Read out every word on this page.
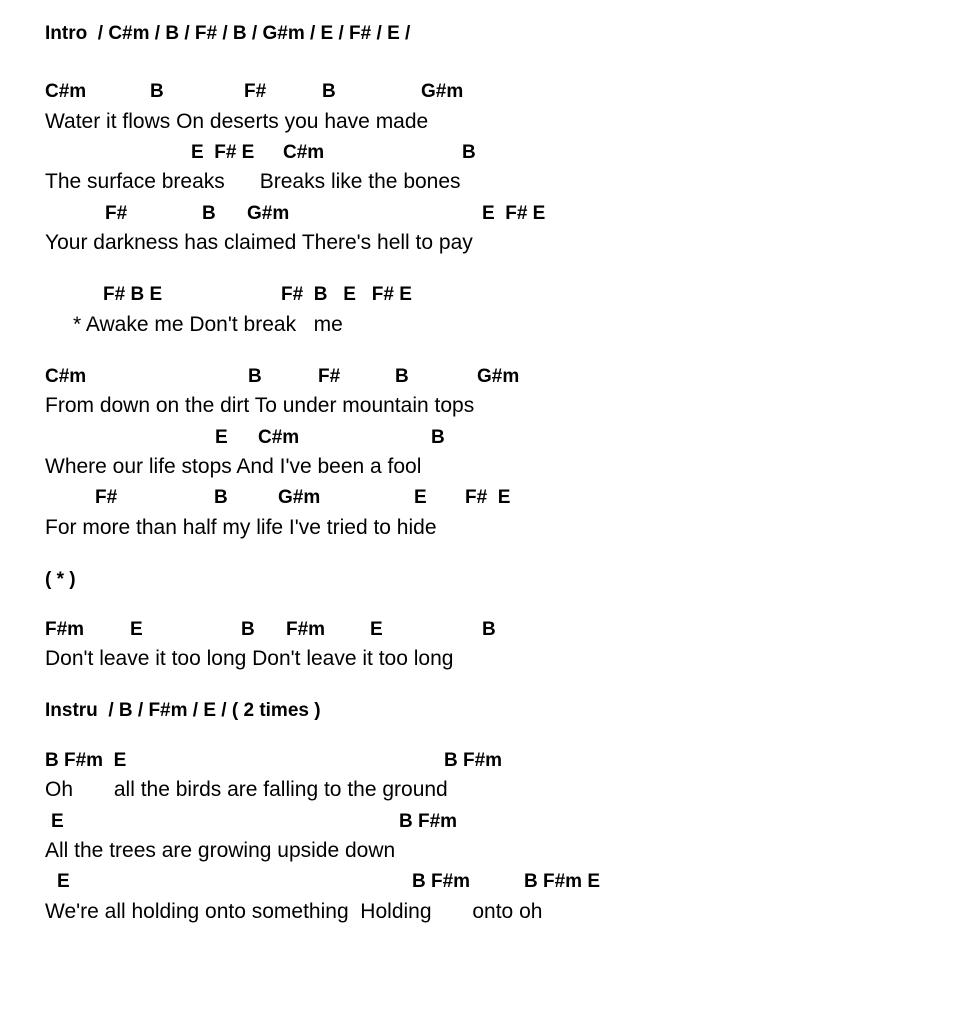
Intro  / C#m / B / F# / B / G#m / E / F# / E /
C#m	B	F#	B	G#m
Water it flows On deserts you have made
E  F# E C#m	B
The surface breaks      Breaks like the bones
F#	B G#m	E  F# E
Your darkness has claimed There's hell to pay
F# B E	F#  B   E   F# E
* Awake me Don't break   me
C#m	B	F#	B	G#m
From down on the dirt To under mountain tops
E C#m	B
Where our life stops And I've been a fool
F#	B	G#m	E F#  E
For more than half my life I've tried to hide
( * )
F#m E	B F#m E	B
Don't leave it too long Don't leave it too long
Instru  / B / F#m / E / ( 2 times )
B F#m  E	B F#m
Oh       all the birds are falling to the ground
E	B F#m
All the trees are growing upside down
E	B F#m	B F#m E
We're all holding onto something  Holding       onto oh
